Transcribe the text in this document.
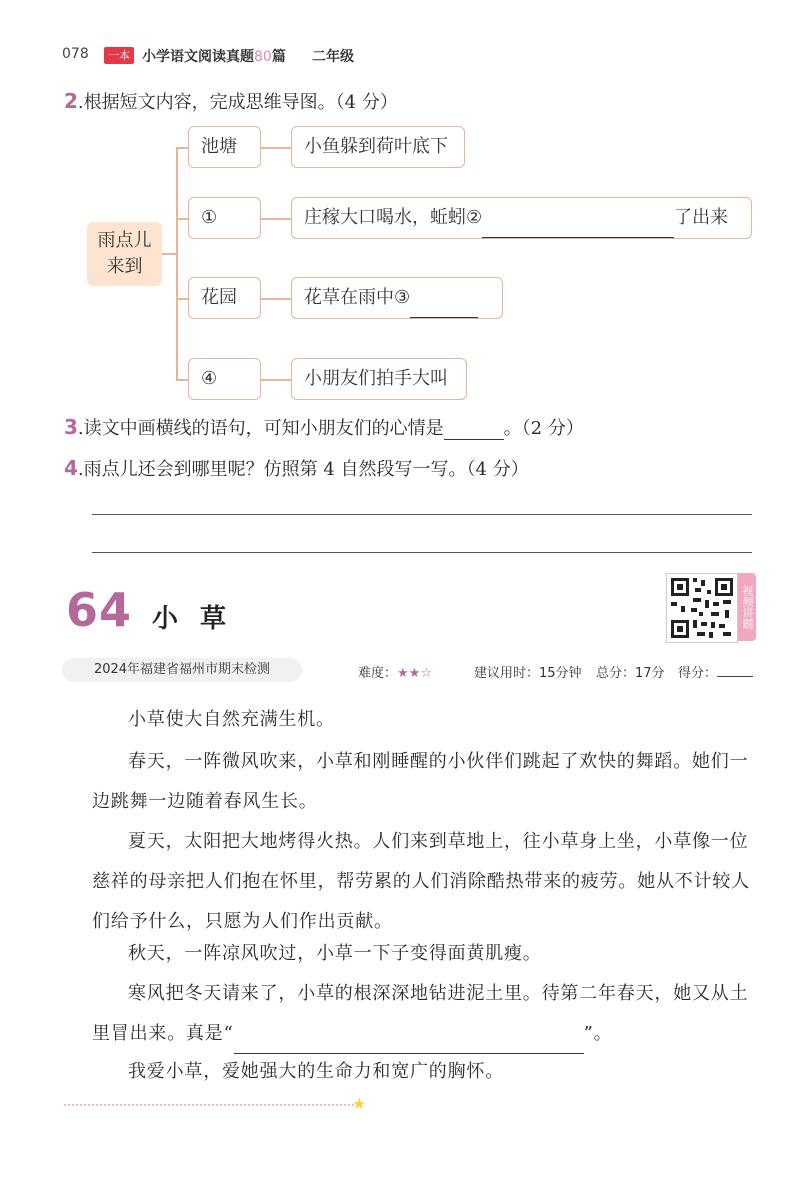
078	一本 小学语文阅读真题80篇 二年级
2.根据短文内容，完成思维导图。（4 分）
雨点儿
来到
池塘	小鱼躲到荷叶底下
①	庄稼大口喝水，蚯蚓②	了出来
花园	花草在雨中③
④	小朋友们拍手大叫
3.读文中画横线的语句，可知小朋友们的心情是	。（2 分）
4.雨点儿还会到哪里呢？仿照第 4 自然段写一写。（4 分）
64 小草	视频讲题
2024年福建省福州市期末检测	难度：★★☆	建议用时：15分钟 总分：17分 得分：

小草使大自然充满生机。

春天，一阵微风吹来，小草和刚睡醒的小伙伴们跳起了欢快的舞蹈。她们一边跳舞一边随着春风生长。

夏天，太阳把大地烤得火热。人们来到草地上，往小草身上坐，小草像一位慈祥的母亲把人们抱在怀里，帮劳累的人们消除酷热带来的疲劳。她从不计较人们给予什么，只愿为人们作出贡献。

秋天，一阵凉风吹过，小草一下子变得面黄肌瘦。

寒风把冬天请来了，小草的根深深地钻进泥土里。待第二年春天，她又从土里冒出来。真是“	”。

我爱小草，爱她强大的生命力和宽广的胸怀。

★
